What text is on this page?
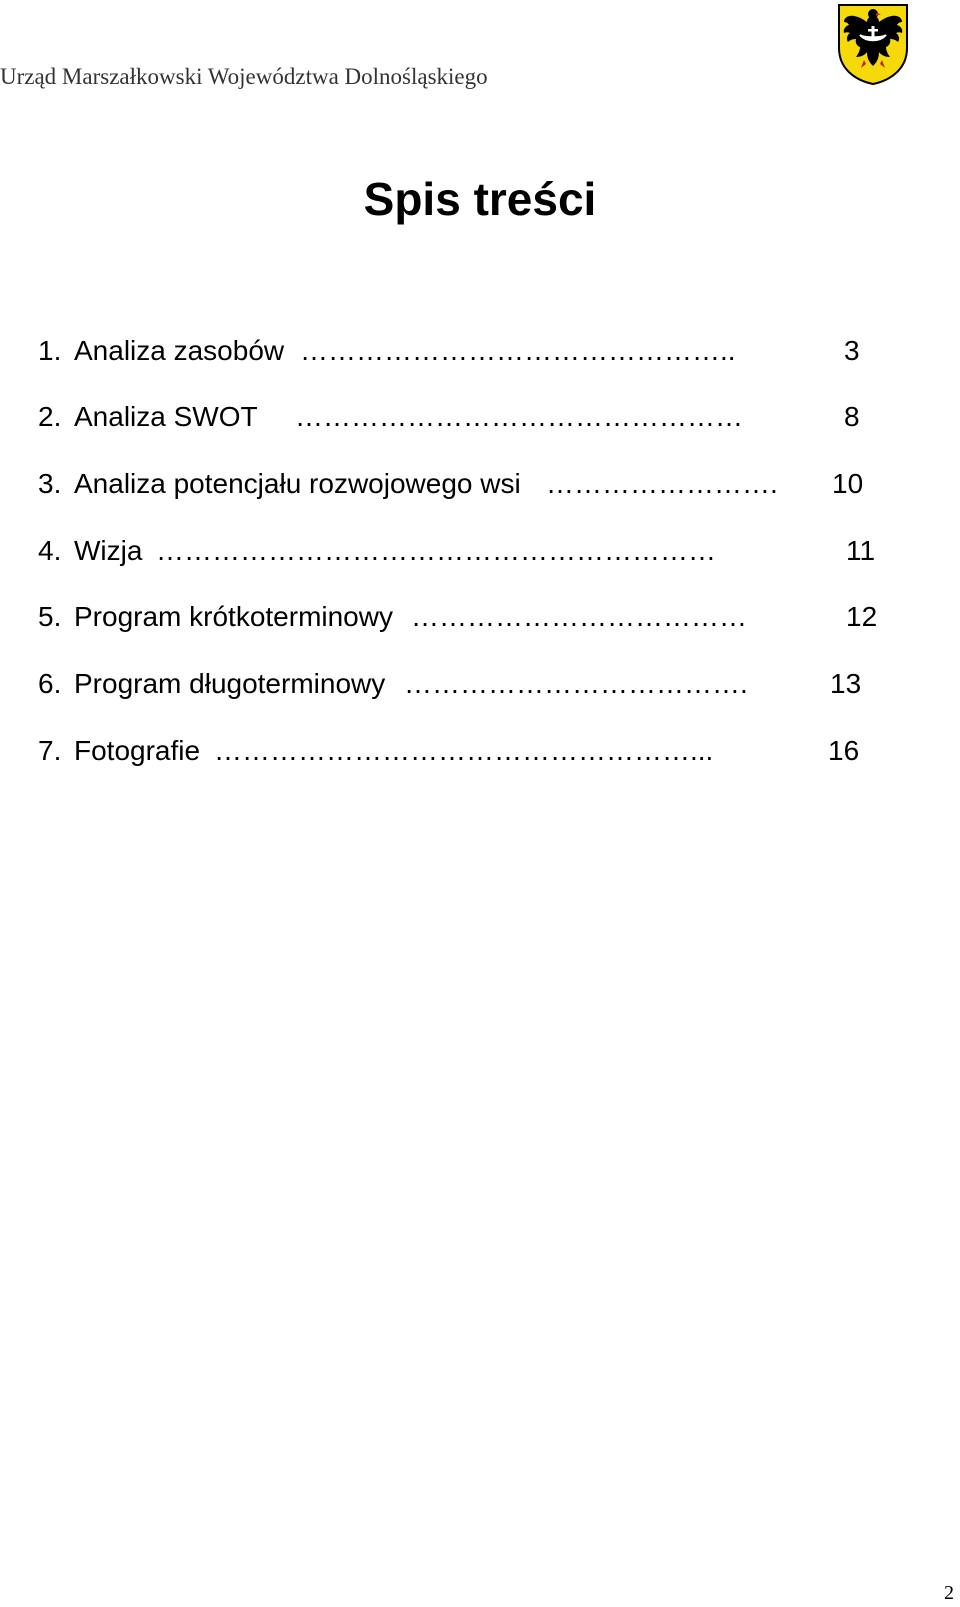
Urząd Marszałkowski Województwa Dolnośląskiego
Spis treści
1. Analiza zasobów ………………………………………..	3
2. Analiza SWOT …………………………………………	8
3. Analiza potencjału rozwojowego wsi …………………….	10
4. Wizja ……………………………………………………	11
5. Program krótkoterminowy ………………………………	12
6. Program długoterminowy ……………………………….	13
7. Fotografie ……………………………………………...	16
2
